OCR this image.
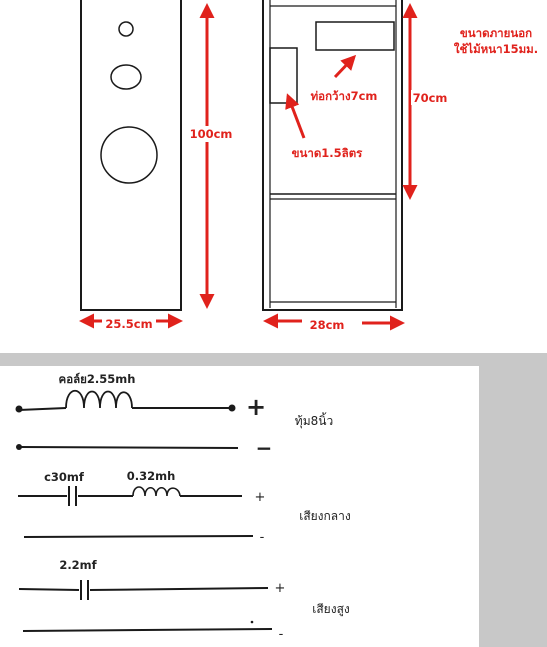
100cm
25.5cm
ท่อกว้าง7cm
ขนาด1.5ลิตร
70cm
28cm
ขนาดภายนอก
ใช้ไม้หนา15มม.
คอล์ย2.55mh
+ ทุ้ม8นิ้ว
−
c30mf	0.32mh
+
เสียงกลาง
-
2.2mf
+
เสียงสูง
-
